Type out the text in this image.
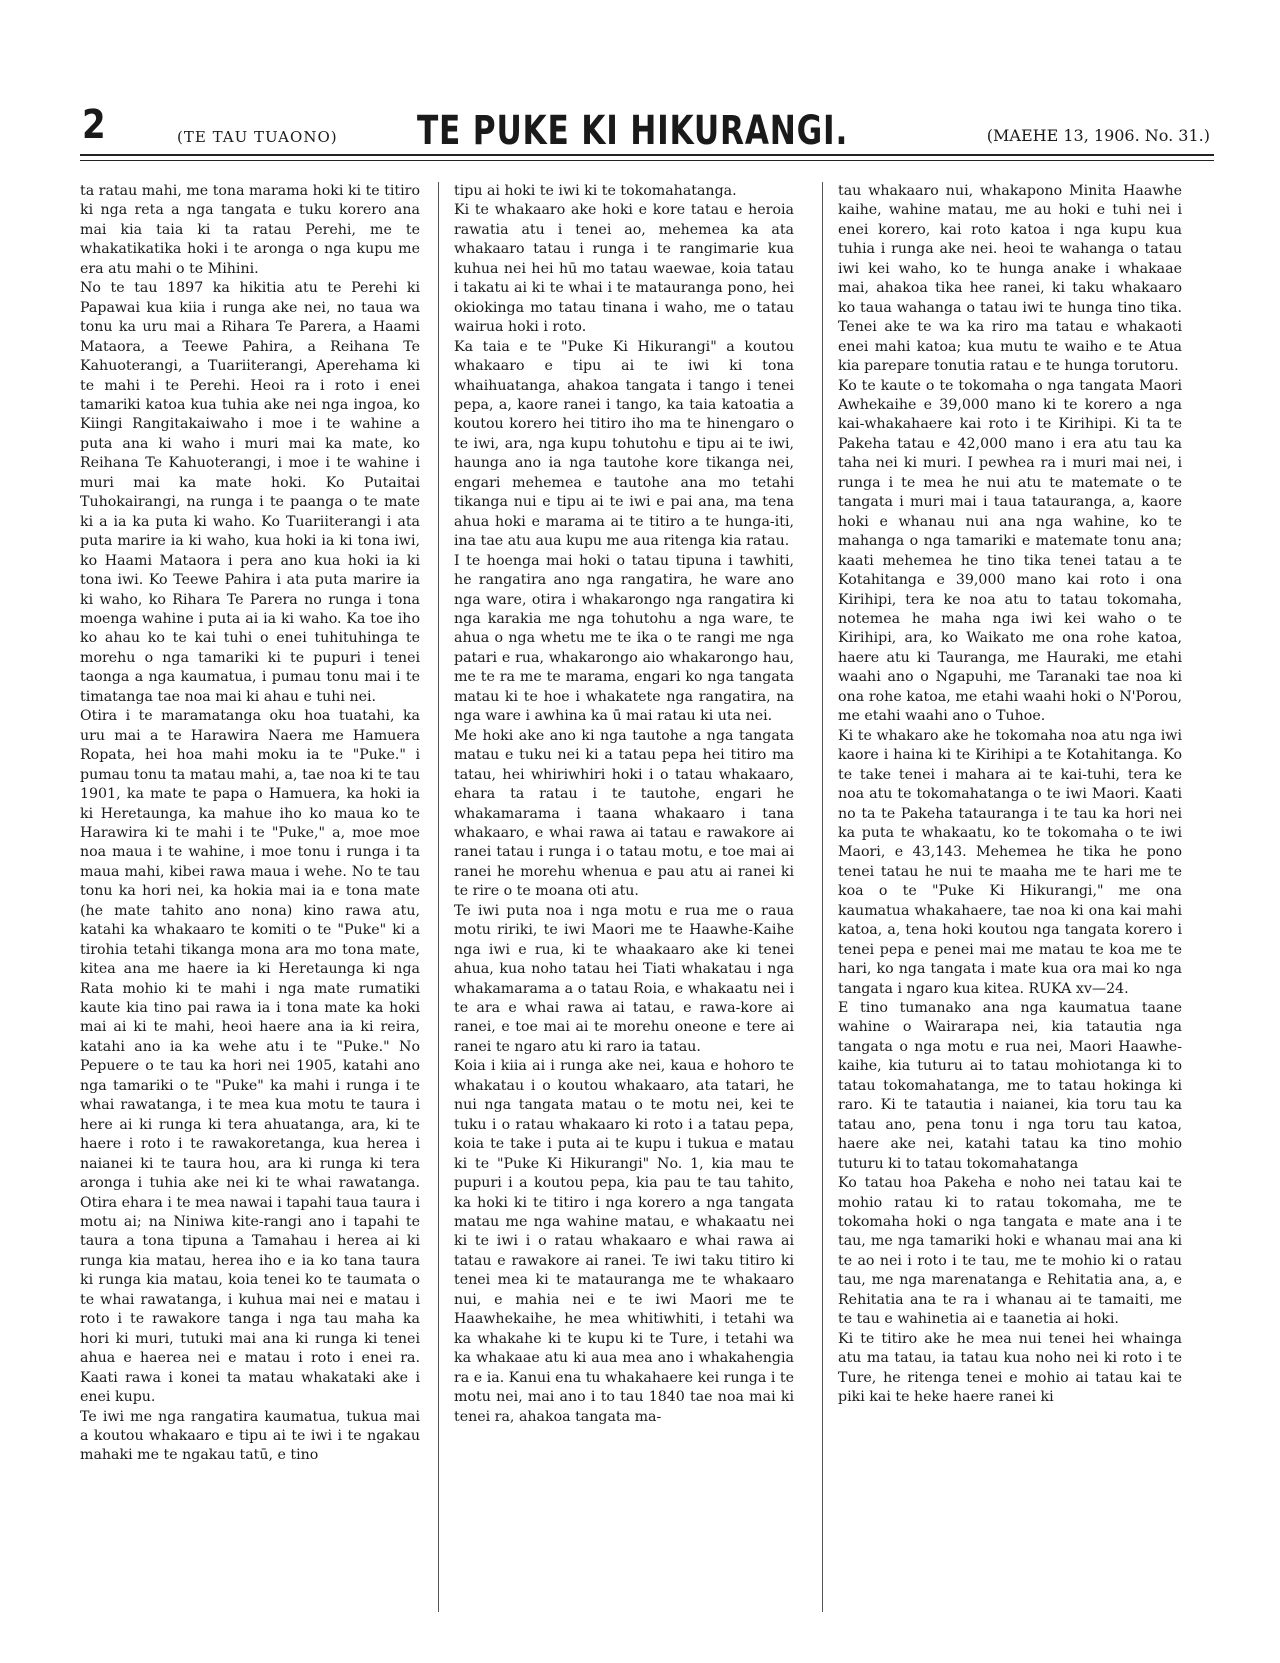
2	(TE TAU TUAONO) TE PUKE KI HIKURANGI.	(MAEHE 13, 1906. No. 31.)
ta ratau mahi, me tona marama hoki ki te titiro ki nga reta a nga tangata e tuku korero ana mai kia taia ki ta ratau Perehi, me te whakatikatika hoki i te aronga o nga kupu me era atu mahi o te Mihini.
No te tau 1897 ka hikitia atu te Perehi ki Papawai kua kiia i runga ake nei, no taua wa tonu ka uru mai a Rihara Te Parera, a Haami Mataora, a Teewe Pahira, a Reihana Te Kahuoterangi, a Tuariiterangi, Aperehama ki te mahi i te Perehi. Heoi ra i roto i enei tamariki katoa kua tuhia ake nei nga ingoa, ko Kiingi Rangitakaiwaho i moe i te wahine a puta ana ki waho i muri mai ka mate, ko Reihana Te Kahuoterangi, i moe i te wahine i muri mai ka mate hoki. Ko Putaitai Tuhokairangi, na runga i te paanga o te mate ki a ia ka puta ki waho. Ko Tuariiterangi i ata puta marire ia ki waho, kua hoki ia ki tona iwi, ko Haami Mataora i pera ano kua hoki ia ki tona iwi. Ko Teewe Pahira i ata puta marire ia ki waho, ko Rihara Te Parera no runga i tona moenga wahine i puta ai ia ki waho. Ka toe iho ko ahau ko te kai tuhi o enei tuhituhinga te morehu o nga tamariki ki te pupuri i tenei taonga a nga kaumatua, i pumau tonu mai i te timatanga tae noa mai ki ahau e tuhi nei.
Otira i te maramatanga oku hoa tuatahi, ka uru mai a te Harawira Naera me Hamuera Ropata, hei hoa mahi moku ia te "Puke." i pumau tonu ta matau mahi, a, tae noa ki te tau 1901, ka mate te papa o Hamuera, ka hoki ia ki Heretaunga, ka mahue iho ko maua ko te Harawira ki te mahi i te "Puke," a, moe moe noa maua i te wahine, i moe tonu i runga i ta maua mahi, kibei rawa maua i wehe. No te tau tonu ka hori nei, ka hokia mai ia e tona mate (he mate tahito ano nona) kino rawa atu, katahi ka whakaaro te komiti o te "Puke" ki a tirohia tetahi tikanga mona ara mo tona mate, kitea ana me haere ia ki Heretaunga ki nga Rata mohio ki te mahi i nga mate rumatiki kaute kia tino pai rawa ia i tona mate ka hoki mai ai ki te mahi, heoi haere ana ia ki reira, katahi ano ia ka wehe atu i te "Puke." No Pepuere o te tau ka hori nei 1905, katahi ano nga tamariki o te "Puke" ka mahi i runga i te whai rawatanga, i te mea kua motu te taura i here ai ki runga ki tera ahuatanga, ara, ki te haere i roto i te rawakoretanga, kua herea i naianei ki te taura hou, ara ki runga ki tera aronga i tuhia ake nei ki te whai rawatanga. Otira ehara i te mea nawai i tapahi taua taura i motu ai; na Niniwa kite-rangi ano i tapahi te taura a tona tipuna a Tamahau i herea ai ki runga kia matau, herea iho e ia ko tana taura ki runga kia matau, koia tenei ko te taumata o te whai rawatanga, i kuhua mai nei e matau i roto i te rawakore tanga i nga tau maha ka hori ki muri, tutuki mai ana ki runga ki tenei ahua e haerea nei e matau i roto i enei ra. Kaati rawa i konei ta matau whakataki ake i enei kupu.
Te iwi me nga rangatira kaumatua, tukua mai a koutou whakaaro e tipu ai te iwi i te ngakau mahaki me te ngakau tatū, e tino
tipu ai hoki te iwi ki te tokomahatanga.
Ki te whakaaro ake hoki e kore tatau e heroia rawatia atu i tenei ao, mehemea ka ata whakaaro tatau i runga i te rangimarie kua kuhua nei hei hū mo tatau waewae, koia tatau i takatu ai ki te whai i te matauranga pono, hei okiokinga mo tatau tinana i waho, me o tatau wairua hoki i roto.
Ka taia e te "Puke Ki Hikurangi" a koutou whakaaro e tipu ai te iwi ki tona whaihuatanga, ahakoa tangata i tango i tenei pepa, a, kaore ranei i tango, ka taia katoatia a koutou korero hei titiro iho ma te hinengaro o te iwi, ara, nga kupu tohutohu e tipu ai te iwi, haunga ano ia nga tautohe kore tikanga nei, engari mehemea e tautohe ana mo tetahi tikanga nui e tipu ai te iwi e pai ana, ma tena ahua hoki e marama ai te titiro a te hunga-iti, ina tae atu aua kupu me aua ritenga kia ratau.
I te hoenga mai hoki o tatau tipuna i tawhiti, he rangatira ano nga rangatira, he ware ano nga ware, otira i whakarongo nga rangatira ki nga karakia me nga tohutohu a nga ware, te ahua o nga whetu me te ika o te rangi me nga patari e rua, whakarongo aio whakarongo hau, me te ra me te marama, engari ko nga tangata matau ki te hoe i whakatete nga rangatira, na nga ware i awhina ka ū mai ratau ki uta nei.
Me hoki ake ano ki nga tautohe a nga tangata matau e tuku nei ki a tatau pepa hei titiro ma tatau, hei whiriwhiri hoki i o tatau whakaaro, ehara ta ratau i te tautohe, engari he whakamarama i taana whakaaro i tana whakaaro, e whai rawa ai tatau e rawakore ai ranei tatau i runga i o tatau motu, e toe mai ai ranei he morehu whenua e pau atu ai ranei ki te rire o te moana oti atu.
Te iwi puta noa i nga motu e rua me o raua motu ririki, te iwi Maori me te Haawhe-Kaihe nga iwi e rua, ki te whaakaaro ake ki tenei ahua, kua noho tatau hei Tiati whakatau i nga whakamarama a o tatau Roia, e whakaatu nei i te ara e whai rawa ai tatau, e rawa-kore ai ranei, e toe mai ai te morehu oneone e tere ai ranei te ngaro atu ki raro ia tatau.
Koia i kiia ai i runga ake nei, kaua e hohoro te whakatau i o koutou whakaaro, ata tatari, he nui nga tangata matau o te motu nei, kei te tuku i o ratau whakaaro ki roto i a tatau pepa, koia te take i puta ai te kupu i tukua e matau ki te "Puke Ki Hikurangi" No. 1, kia mau te pupuri i a koutou pepa, kia pau te tau tahito, ka hoki ki te titiro i nga korero a nga tangata matau me nga wahine matau, e whakaatu nei ki te iwi i o ratau whakaaro e whai rawa ai tatau e rawakore ai ranei. Te iwi taku titiro ki tenei mea ki te matauranga me te whakaaro nui, e mahia nei e te iwi Maori me te Haawhekaihe, he mea whitiwhiti, i tetahi wa ka whakahe ki te kupu ki te Ture, i tetahi wa ka whakaae atu ki aua mea ano i whakahengia ra e ia. Kanui ena tu whakahaere kei runga i te motu nei, mai ano i to tau 1840 tae noa mai ki tenei ra, ahakoa tangata ma-
tau whakaaro nui, whakapono Minita Haawhe kaihe, wahine matau, me au hoki e tuhi nei i enei korero, kai roto katoa i nga kupu kua tuhia i runga ake nei. heoi te wahanga o tatau iwi kei waho, ko te hunga anake i whakaae mai, ahakoa tika hee ranei, ki taku whakaaro ko taua wahanga o tatau iwi te hunga tino tika. Tenei ake te wa ka riro ma tatau e whakaoti enei mahi katoa; kua mutu te waiho e te Atua kia parepare tonutia ratau e te hunga torutoru.
Ko te kaute o te tokomaha o nga tangata Maori Awhekaihe e 39,000 mano ki te korero a nga kai-whakahaere kai roto i te Kirihipi. Ki ta te Pakeha tatau e 42,000 mano i era atu tau ka taha nei ki muri. I pewhea ra i muri mai nei, i runga i te mea he nui atu te matemate o te tangata i muri mai i taua tatauranga, a, kaore hoki e whanau nui ana nga wahine, ko te mahanga o nga tamariki e matemate tonu ana; kaati mehemea he tino tika tenei tatau a te Kotahitanga e 39,000 mano kai roto i ona Kirihipi, tera ke noa atu to tatau tokomaha, notemea he maha nga iwi kei waho o te Kirihipi, ara, ko Waikato me ona rohe katoa, haere atu ki Tauranga, me Hauraki, me etahi waahi ano o Ngapuhi, me Taranaki tae noa ki ona rohe katoa, me etahi waahi hoki o N'Porou, me etahi waahi ano o Tuhoe.
Ki te whakaro ake he tokomaha noa atu nga iwi kaore i haina ki te Kirihipi a te Kotahitanga. Ko te take tenei i mahara ai te kai-tuhi, tera ke noa atu te tokomahatanga o te iwi Maori. Kaati no ta te Pakeha tatauranga i te tau ka hori nei ka puta te whakaatu, ko te tokomaha o te iwi Maori, e 43,143. Mehemea he tika he pono tenei tatau he nui te maaha me te hari me te koa o te "Puke Ki Hikurangi," me ona kaumatua whakahaere, tae noa ki ona kai mahi katoa, a, tena hoki koutou nga tangata korero i tenei pepa e penei mai me matau te koa me te hari, ko nga tangata i mate kua ora mai ko nga tangata i ngaro kua kitea. RUKA xv—24.
E tino tumanako ana nga kaumatua taane wahine o Wairarapa nei, kia tatautia nga tangata o nga motu e rua nei, Maori Haawhe-kaihe, kia tuturu ai to tatau mohiotanga ki to tatau tokomahatanga, me to tatau hokinga ki raro. Ki te tatautia i naianei, kia toru tau ka tatau ano, pena tonu i nga toru tau katoa, haere ake nei, katahi tatau ka tino mohio tuturu ki to tatau tokomahatanga
Ko tatau hoa Pakeha e noho nei tatau kai te mohio ratau ki to ratau tokomaha, me te tokomaha hoki o nga tangata e mate ana i te tau, me nga tamariki hoki e whanau mai ana ki te ao nei i roto i te tau, me te mohio ki o ratau tau, me nga marenatanga e Rehitatia ana, a, e Rehitatia ana te ra i whanau ai te tamaiti, me te tau e wahinetia ai e taanetia ai hoki.
Ki te titiro ake he mea nui tenei hei whainga atu ma tatau, ia tatau kua noho nei ki roto i te Ture, he ritenga tenei e mohio ai tatau kai te piki kai te heke haere ranei ki
